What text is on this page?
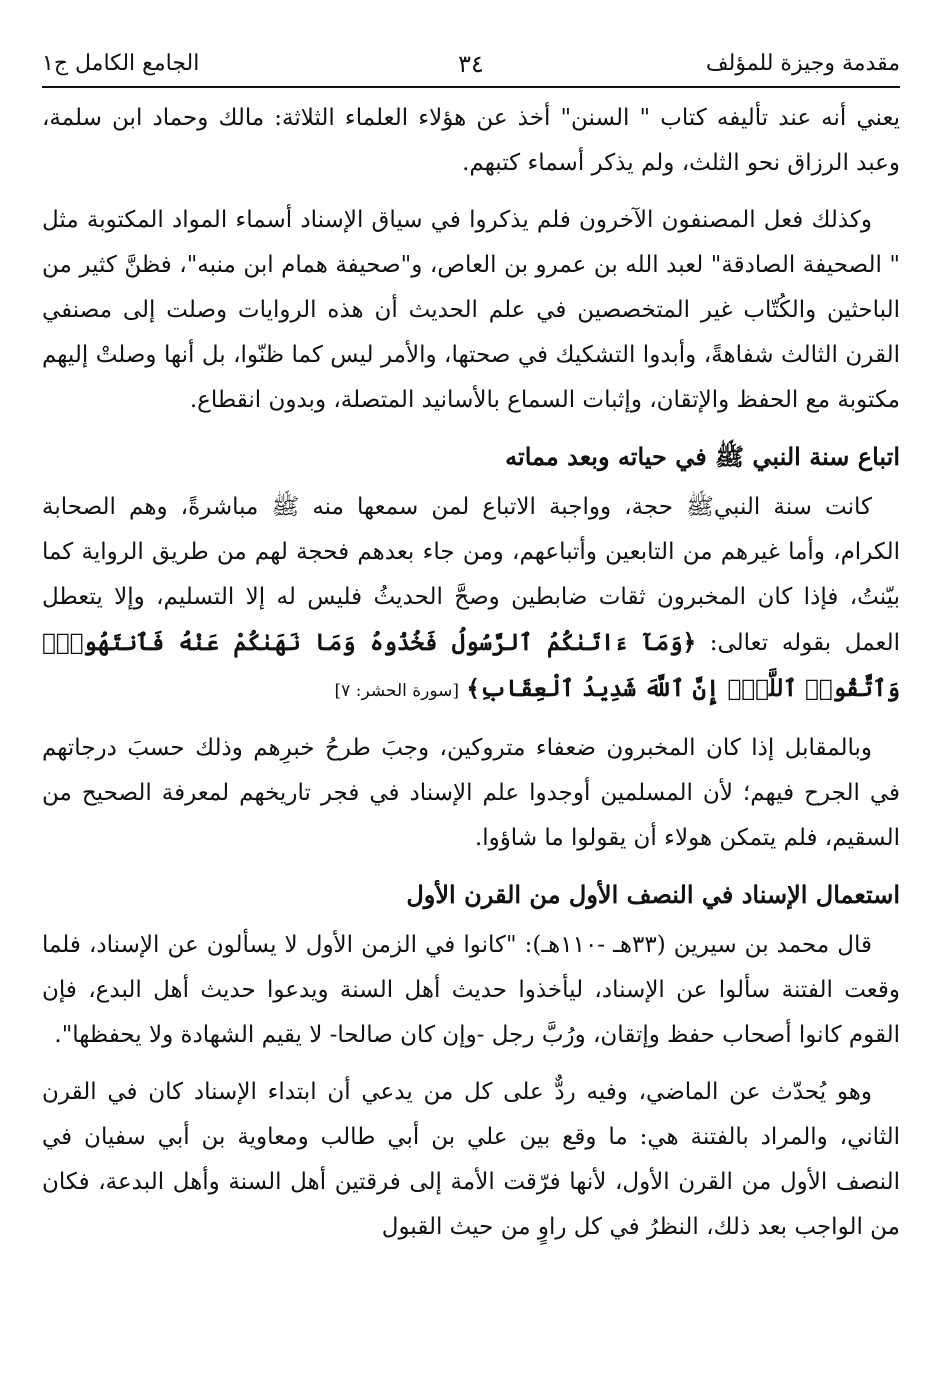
مقدمة وجيزة للمؤلف
٣٤
الجامع الكامل ج١

يعني أنه عند تأليفه كتاب " السنن" أخذ عن هؤلاء العلماء الثلاثة: مالك وحماد ابن سلمة، وعبد الرزاق نحو الثلث، ولم يذكر أسماء كتبهم.

وكذلك فعل المصنفون الآخرون فلم يذكروا في سياق الإسناد أسماء المواد المكتوبة مثل " الصحيفة الصادقة" لعبد الله بن عمرو بن العاص، و"صحيفة همام ابن منبه"، فظنَّ كثير من الباحثين والكُتّاب غير المتخصصين في علم الحديث أن هذه الروايات وصلت إلى مصنفي القرن الثالث شفاهةً، وأبدوا التشكيك في صحتها، والأمر ليس كما ظنّوا، بل أنها وصلتْ إليهم مكتوبة مع الحفظ والإتقان، وإثبات السماع بالأسانيد المتصلة، وبدون انقطاع.

اتباع سنة النبي ﷺ في حياته وبعد مماته

كانت سنة النبيﷺ حجة، وواجبة الاتباع لمن سمعها منه ﷺ مباشرةً، وهم الصحابة الكرام، وأما غيرهم من التابعين وأتباعهم، ومن جاء بعدهم فحجة لهم من طريق الرواية كما بيّنتُ، فإذا كان المخبرون ثقات ضابطين وصحَّ الحديثُ فليس له إلا التسليم، وإلا يتعطل العمل بقوله تعالى: ﴿وَمَآ ءَاتَىٰكُمُ ٱلرَّسُولُ فَخُذُوهُ وَمَا نَهَىٰكُمْ عَنْهُ فَٱنتَهُوا۟ۚ وَٱتَّقُوا۟ ٱللَّهَۖ إِنَّ ٱللَّهَ شَدِيدُ ٱلْعِقَابِ﴾ [سورة الحشر: ٧]

وبالمقابل إذا كان المخبرون ضعفاء متروكين، وجبَ طرحُ خبرِهم وذلك حسبَ درجاتهم في الجرح فيهم؛ لأن المسلمين أوجدوا علم الإسناد في فجر تاريخهم لمعرفة الصحيح من السقيم، فلم يتمكن هولاء أن يقولوا ما شاؤوا.

استعمال الإسناد في النصف الأول من القرن الأول

قال محمد بن سيرين (٣٣هـ -١١٠هـ): "كانوا في الزمن الأول لا يسألون عن الإسناد، فلما وقعت الفتنة سألوا عن الإسناد، ليأخذوا حديث أهل السنة ويدعوا حديث أهل البدع، فإن القوم كانوا أصحاب حفظ وإتقان، ورُبَّ رجل -وإن كان صالحا- لا يقيم الشهادة ولا يحفظها".

وهو يُحدّث عن الماضي، وفيه ردٌّ على كل من يدعي أن ابتداء الإسناد كان في القرن الثاني، والمراد بالفتنة هي: ما وقع بين علي بن أبي طالب ومعاوية بن أبي سفيان في النصف الأول من القرن الأول، لأنها فرّقت الأمة إلى فرقتين أهل السنة وأهل البدعة، فكان من الواجب بعد ذلك، النظرُ في كل راوٍ من حيث القبول
